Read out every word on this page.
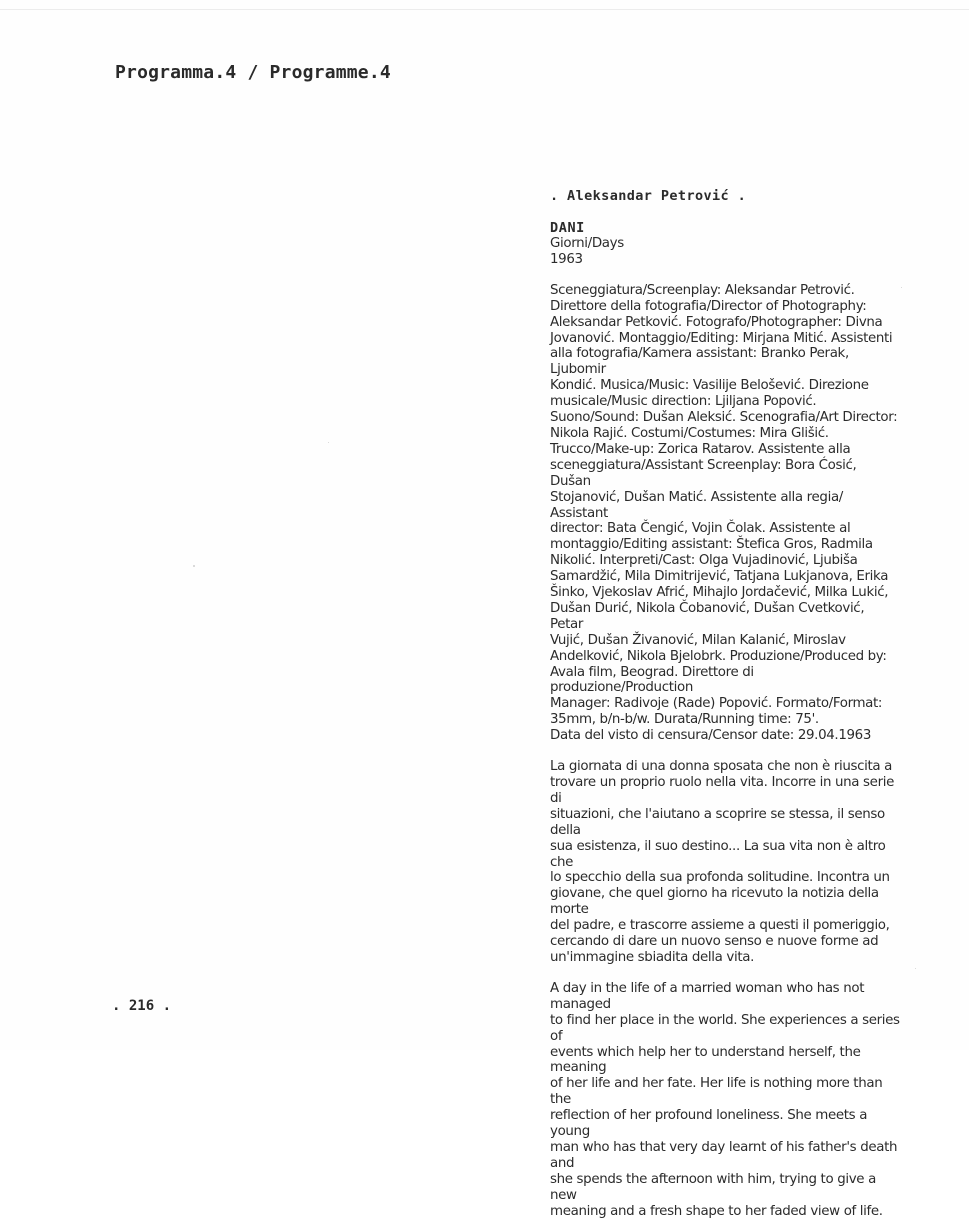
Programma.4 / Programme.4

. Aleksandar Petrović .

DANI

Giorni/Days

1963

Sceneggiatura/Screenplay: Aleksandar Petrović.
Direttore della fotografia/Director of Photography:
Aleksandar Petković. Fotografo/Photographer: Divna
Jovanović. Montaggio/Editing: Mirjana Mitić. Assistenti
alla fotografia/Kamera assistant: Branko Perak, Ljubomir
Kondić. Musica/Music: Vasilije Belošević. Direzione
musicale/Music direction: Ljiljana Popović.
Suono/Sound: Dušan Aleksić. Scenografia/Art Director:
Nikola Rajić. Costumi/Costumes: Mira Glišić.
Trucco/Make-up: Zorica Ratarov. Assistente alla
sceneggiatura/Assistant Screenplay: Bora Ćosić, Dušan
Stojanović, Dušan Matić. Assistente alla regia/ Assistant
director: Bata Čengić, Vojin Čolak. Assistente al
montaggio/Editing assistant: Štefica Gros, Radmila
Nikolić. Interpreti/Cast: Olga Vujadinović, Ljubiša
Samardžić, Mila Dimitrijević, Tatjana Lukjanova, Erika
Šinko, Vjekoslav Afrić, Mihajlo Jordačević, Milka Lukić,
Dušan Durić, Nikola Čobanović, Dušan Cvetković, Petar
Vujić, Dušan Živanović, Milan Kalanić, Miroslav
Andelković, Nikola Bjelobrk. Produzione/Produced by:
Avala film, Beograd. Direttore di produzione/Production
Manager: Radivoje (Rade) Popović. Formato/Format:
35mm, b/n-b/w. Durata/Running time: 75'.
Data del visto di censura/Censor date: 29.04.1963

La giornata di una donna sposata che non è riuscita a
trovare un proprio ruolo nella vita. Incorre in una serie di
situazioni, che l'aiutano a scoprire se stessa, il senso della
sua esistenza, il suo destino... La sua vita non è altro che
lo specchio della sua profonda solitudine. Incontra un
giovane, che quel giorno ha ricevuto la notizia della morte
del padre, e trascorre assieme a questi il pomeriggio,
cercando di dare un nuovo senso e nuove forme ad
un'immagine sbiadita della vita.

A day in the life of a married woman who has not managed
to find her place in the world. She experiences a series of
events which help her to understand herself, the meaning
of her life and her fate. Her life is nothing more than the
reflection of her profound loneliness. She meets a young
man who has that very day learnt of his father's death and
she spends the afternoon with him, trying to give a new
meaning and a fresh shape to her faded view of life.

. 216 .
